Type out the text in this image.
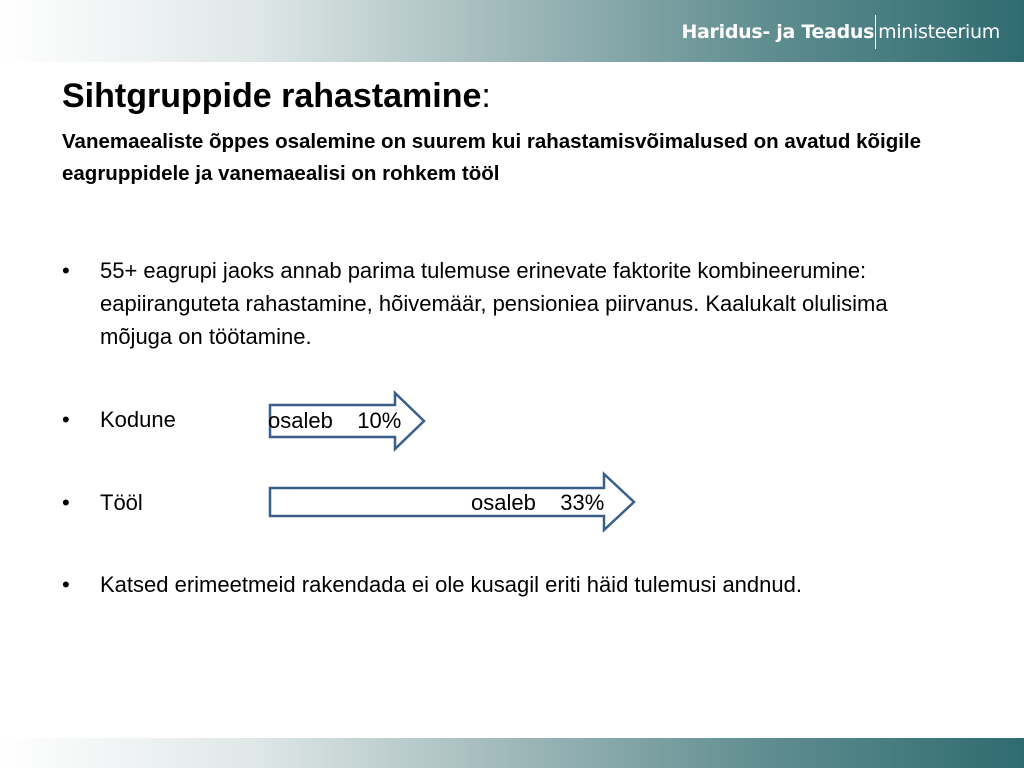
Haridus- ja Teadus ministeerium
Sihtgruppide rahastamine:
Vanemaealiste õppes osalemine on suurem kui rahastamisvõimalused on avatud kõigile eagruppidele ja vanemaealisi on rohkem tööl
•	55+ eagrupi jaoks annab parima tulemuse erinevate faktorite kombineerumine: eapiiranguteta rahastamine, hõivemäär, pensioniea piirvanus. Kaalukalt olulisima mõjuga on töötamine.
•	Kodune
•	Tööl
•	Katsed erimeetmeid rakendada ei ole kusagil eriti häid tulemusi andnud.
osaleb    10%
osaleb    33%
